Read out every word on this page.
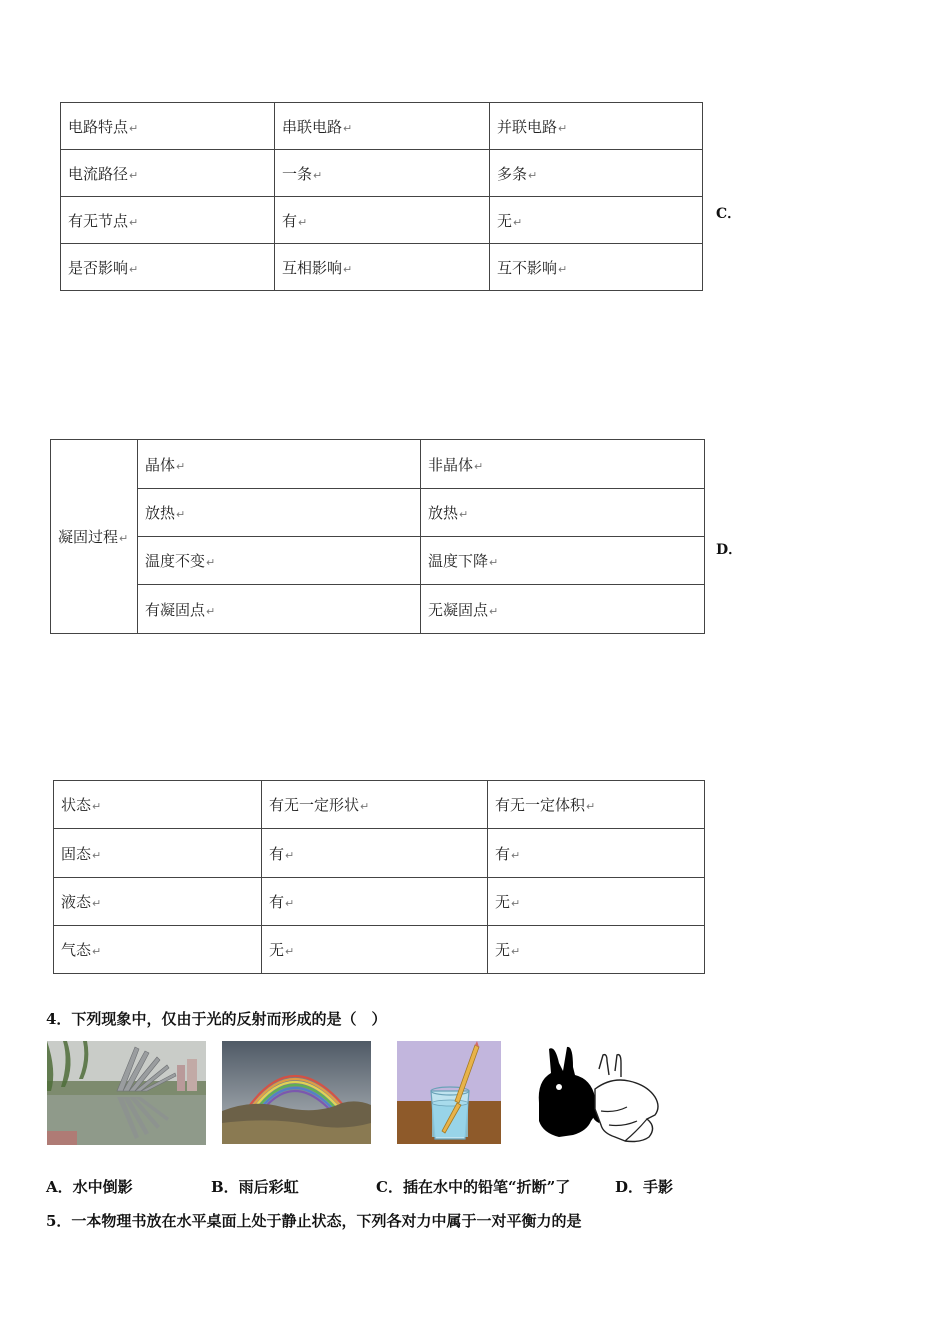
电路特点↵	串联电路↵	并联电路↵
电流路径↵	一条↵	多条↵
有无节点↵	有↵	无↵
是否影响↵	互相影响↵	互不影响↵
C．
凝固过程↵	晶体↵	非晶体↵
	放热↵	放热↵
	温度不变↵	温度下降↵
	有凝固点↵	无凝固点↵
D．
状态↵	有无一定形状↵	有无一定体积↵
固态↵	有↵	有↵
液态↵	有↵	无↵
气态↵	无↵	无↵
4．下列现象中，仅由于光的反射而形成的是（　）
A．水中倒影	B．雨后彩虹	C．插在水中的铅笔“折断”了	D．手影
5．一本物理书放在水平桌面上处于静止状态，下列各对力中属于一对平衡力的是
